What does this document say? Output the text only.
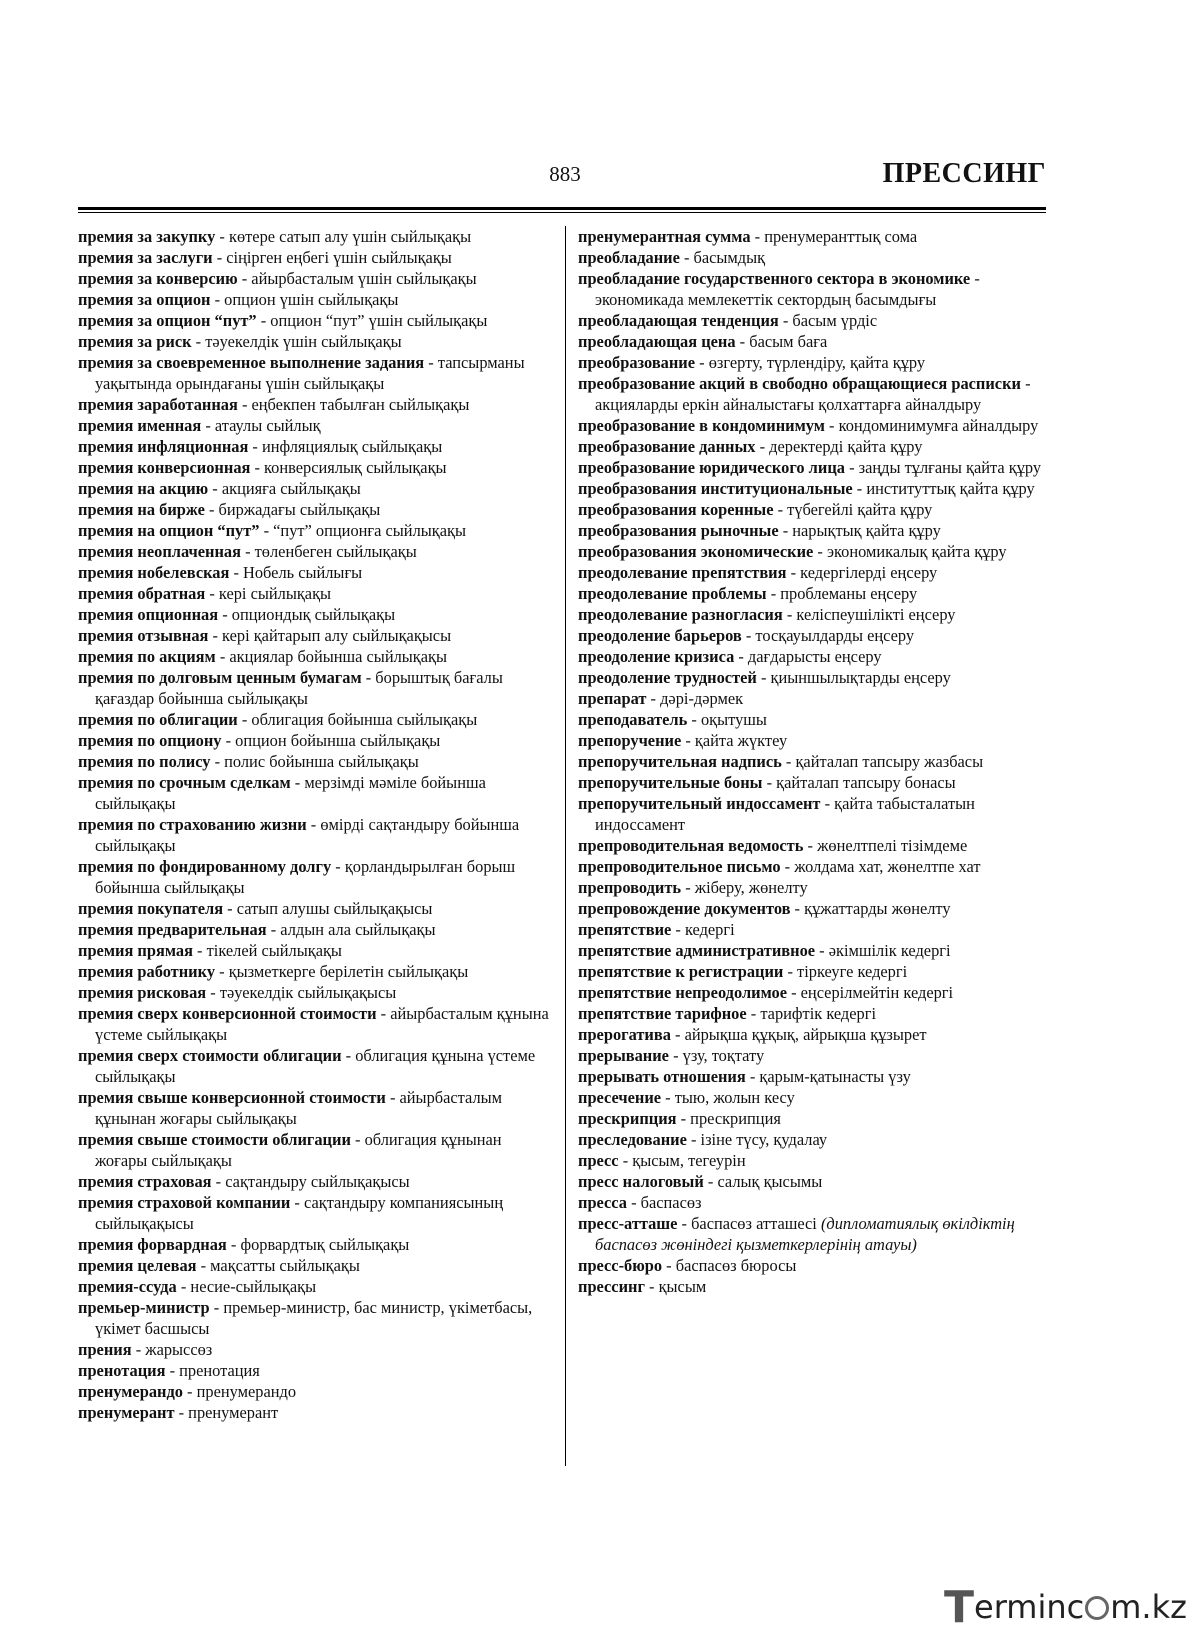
883	ПРЕССИНГ

премия за закупку - көтере сатып алу үшін сыйлықақы

премия за заслуги - сіңірген еңбегі үшін сыйлықақы

премия за конверсию - айырбасталым үшін сыйлықақы

премия за опцион - опцион үшін сыйлықақы

премия за опцион “пут” - опцион “пут” үшін сыйлықақы

премия за риск - тәуекелдік үшін сыйлықақы

премия за своевременное выполнение задания - тапсырманы уақытында орындағаны үшін сыйлықақы

премия заработанная - еңбекпен табылған сыйлықақы

премия именная - атаулы сыйлық

премия инфляционная - инфляциялық сыйлықақы

премия конверсионная - конверсиялық сыйлықақы

премия на акцию - акцияға сыйлықақы

премия на бирже - биржадағы сыйлықақы

премия на опцион “пут” - “пут” опционға сыйлықақы

премия неоплаченная - төленбеген сыйлықақы

премия нобелевская - Нобель сыйлығы

премия обратная - кері сыйлықақы

премия опционная - опциондық сыйлықақы

премия отзывная - кері қайтарып алу сыйлықақысы

премия по акциям - акциялар бойынша сыйлықақы

премия по долговым ценным бумагам - борыштық бағалы қағаздар бойынша сыйлықақы

премия по облигации - облигация бойынша сыйлықақы

премия по опциону - опцион бойынша сыйлықақы

премия по полису - полис бойынша сыйлықақы

премия по срочным сделкам - мерзімді мәміле бойынша сыйлықақы

премия по страхованию жизни - өмірді сақтандыру бойынша сыйлықақы

премия по фондированному долгу - қорландырылған борыш бойынша сыйлықақы

премия покупателя - сатып алушы сыйлықақысы

премия предварительная - алдын ала сыйлықақы

премия прямая - тікелей сыйлықақы

премия работнику - қызметкерге берілетін сыйлықақы

премия рисковая - тәуекелдік сыйлықақысы

премия сверх конверсионной стоимости - айырбасталым құнына үстеме сыйлықақы

премия сверх стоимости облигации - облигация құнына үстеме сыйлықақы

премия свыше конверсионной стоимости - айырбасталым құнынан жоғары сыйлықақы

премия свыше стоимости облигации - облигация құнынан жоғары сыйлықақы

премия страховая - сақтандыру сыйлықақысы

премия страховой компании - сақтандыру компаниясының сыйлықақысы

премия форвардная - форвардтық сыйлықақы

премия целевая - мақсатты сыйлықақы

премия-ссуда - несие-сыйлықақы

премьер-министр - премьер-министр, бас министр, үкіметбасы, үкімет басшысы

прения - жарыссөз

пренотация - пренотация

пренумерандо - пренумерандо

пренумерант - пренумерант

пренумерантная сумма - пренумеранттық сома

преобладание - басымдық

преобладание государственного сектора в экономике - экономикада мемлекеттік сектордың басымдығы

преобладающая тенденция - басым үрдіс

преобладающая цена - басым баға

преобразование - өзгерту, түрлендіру, қайта құру

преобразование акций в свободно обращающиеся расписки - акцияларды еркін айналыстағы қолхаттарға айналдыру

преобразование в кондоминимум - кондоминимумға айналдыру

преобразование данных - деректерді қайта құру

преобразование юридического лица - заңды тұлғаны қайта құру

преобразования институциональные - институттық қайта құру

преобразования коренные - түбегейлі қайта құру

преобразования рыночные - нарықтық қайта құру

преобразования экономические - экономикалық қайта құру

преодолевание препятствия - кедергілерді еңсеру

преодолевание проблемы - проблеманы еңсеру

преодолевание разногласия - келіспеушілікті еңсеру

преодоление барьеров - тосқауылдарды еңсеру

преодоление кризиса - дағдарысты еңсеру

преодоление трудностей - қиыншылықтарды еңсеру

препарат - дәрі-дәрмек

преподаватель - оқытушы

препоручение - қайта жүктеу

препоручительная надпись - қайталап тапсыру жазбасы

препоручительные боны - қайталап тапсыру бонасы

препоручительный индоссамент - қайта табысталатын индоссамент

препроводительная ведомость - жөнелтпелі тізімдеме

препроводительное письмо - жолдама хат, жөнелтпе хат

препроводить - жіберу, жөнелту

препровождение документов - құжаттарды жөнелту

препятствие - кедергі

препятствие административное - әкімшілік кедергі

препятствие к регистрации - тіркеуге кедергі

препятствие непреодолимое - еңсерілмейтін кедергі

препятствие тарифное - тарифтік кедергі

прерогатива - айрықша құқық, айрықша құзырет

прерывание - үзу, тоқтату

прерывать отношения - қарым-қатынасты үзу

пресечение - тыю, жолын кесу

прескрипция - прескрипция

преследование - ізіне түсу, қудалау

пресс - қысым, тегеурін

пресс налоговый - салық қысымы

пресса - баспасөз

пресс-атташе - баспасөз атташесі (дипломатиялық өкілдіктің баспасөз жөніндегі қызметкерлерінің атауы)

пресс-бюро - баспасөз бюросы

прессинг - қысым

Terminc m.kz
